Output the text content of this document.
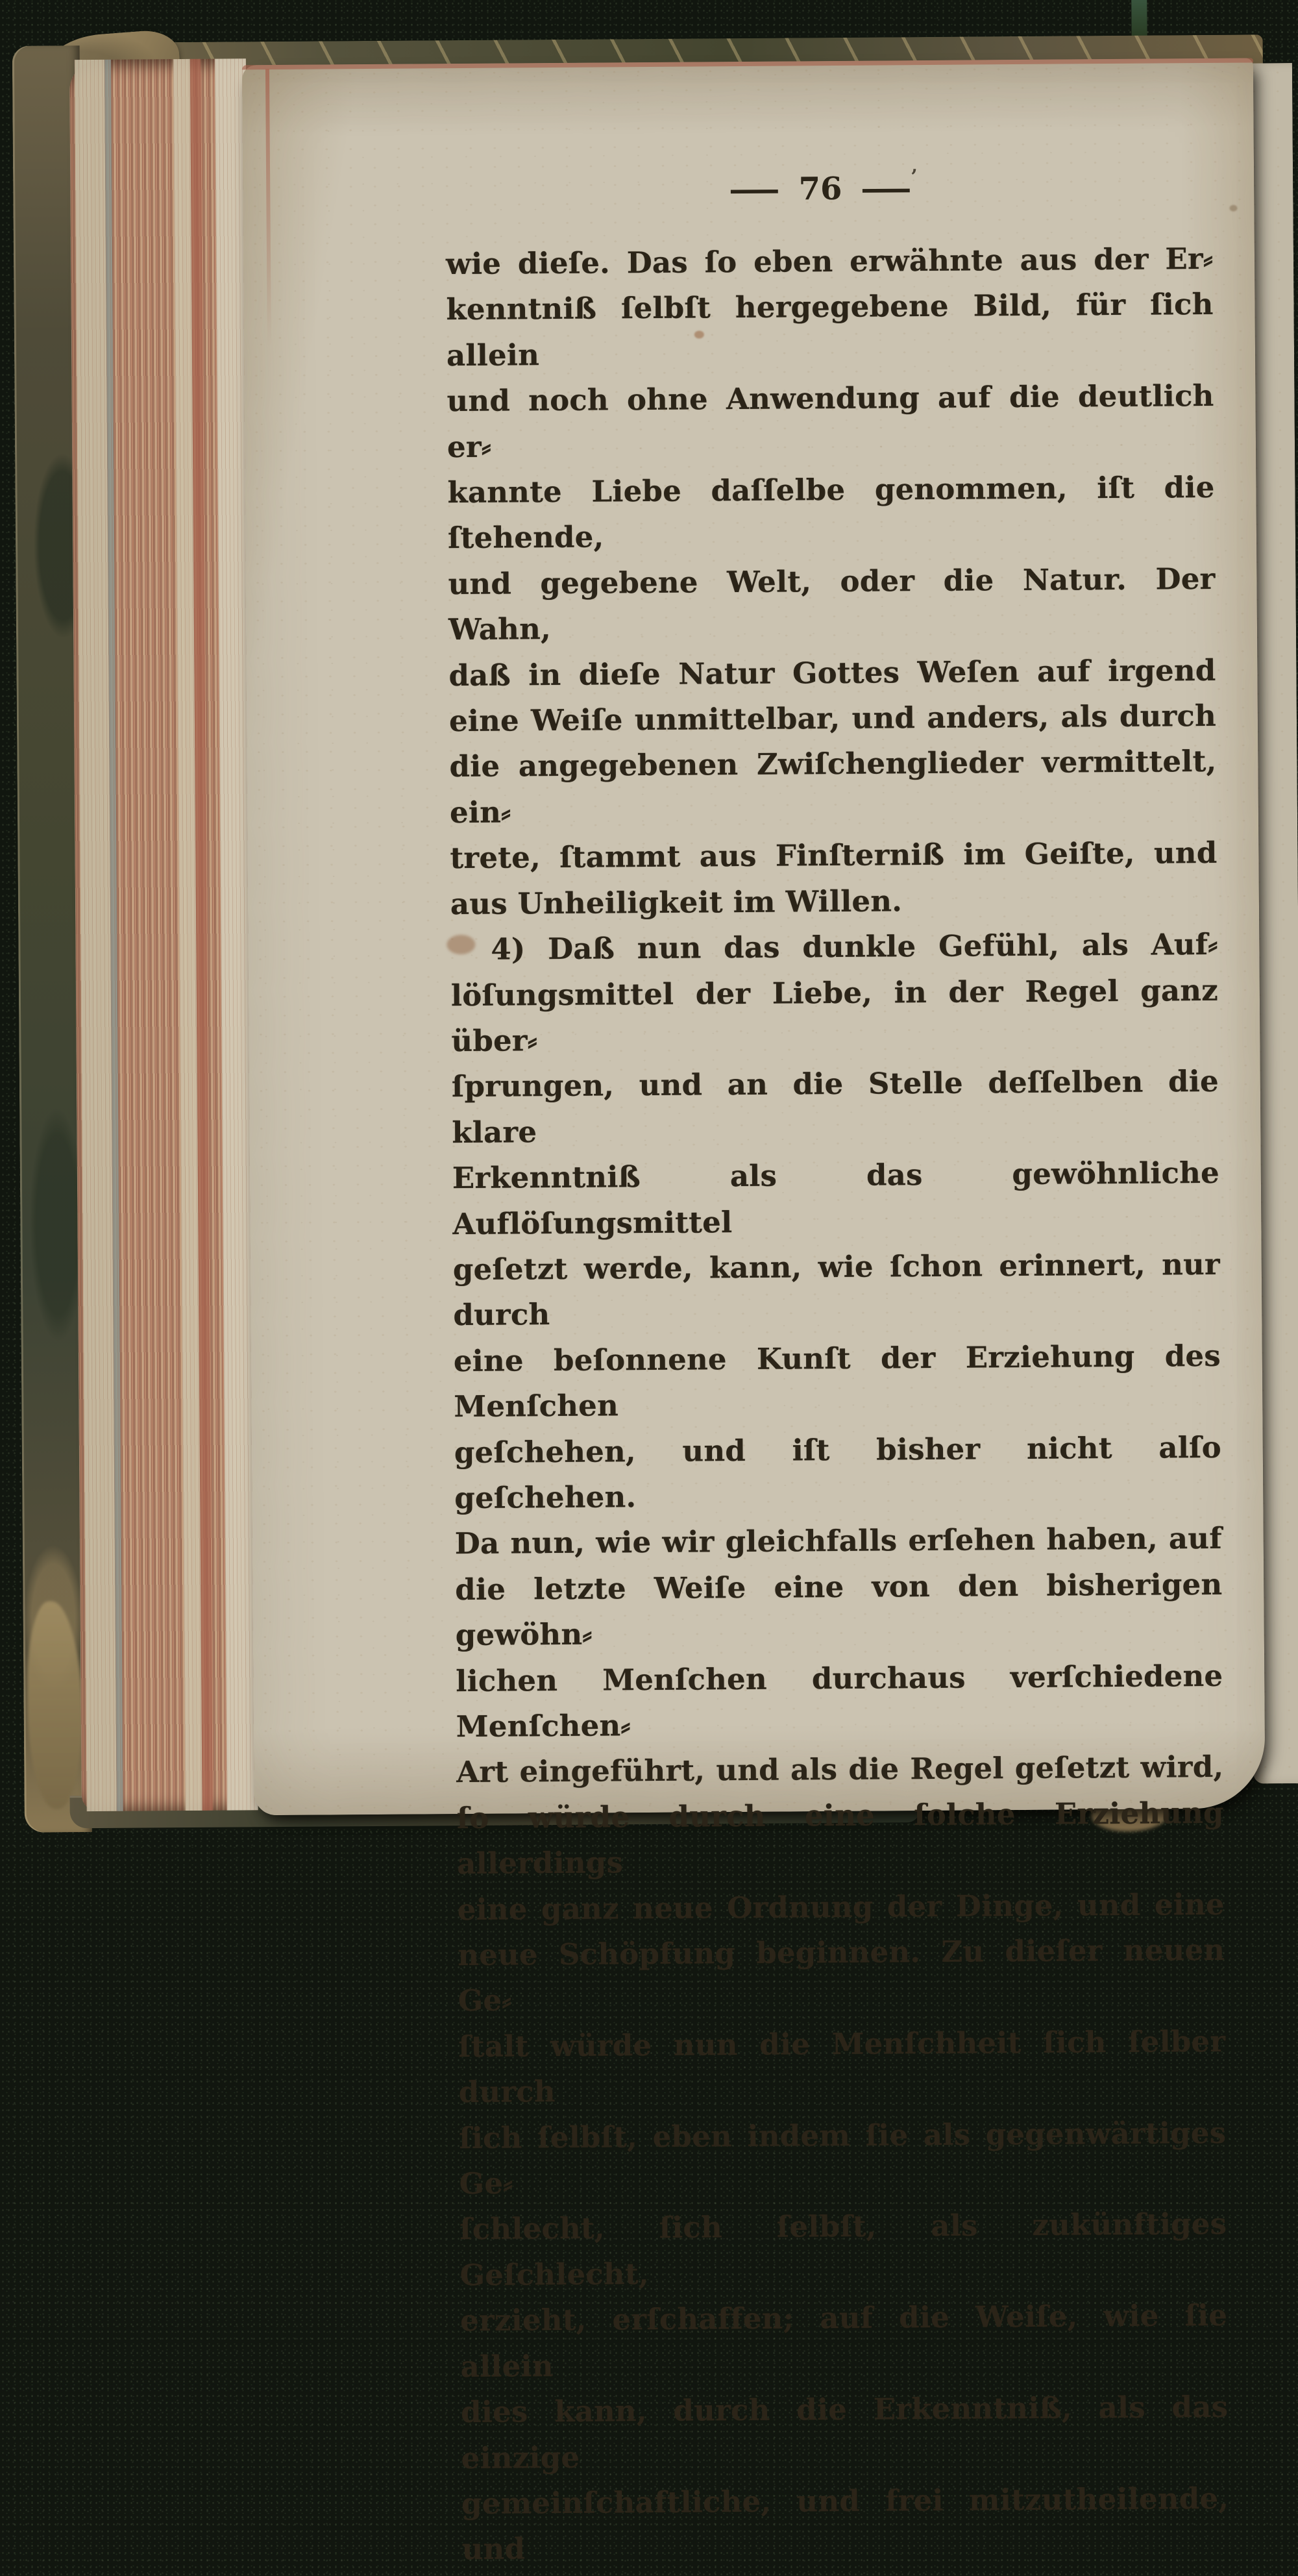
— 76 —
’
wie dieſe. Das ſo eben erwähnte aus der Er⸗
kenntniß ſelbſt hergegebene Bild, für ſich allein
und noch ohne Anwendung auf die deutlich er⸗
kannte Liebe daſſelbe genommen, iſt die ſtehende,
und gegebene Welt, oder die Natur. Der Wahn,
daß in dieſe Natur Gottes Weſen auf irgend
eine Weiſe unmittelbar, und anders, als durch
die angegebenen Zwiſchenglieder vermittelt, ein⸗
trete, ſtammt aus Finſterniß im Geiſte, und
aus Unheiligkeit im Willen.
4) Daß nun das dunkle Gefühl, als Auf⸗
löſungsmittel der Liebe, in der Regel ganz über⸗
ſprungen, und an die Stelle deſſelben die klare
Erkenntniß als das gewöhnliche Auflöſungsmittel
geſetzt werde, kann, wie ſchon erinnert, nur durch
eine beſonnene Kunſt der Erziehung des Menſchen
geſchehen, und iſt bisher nicht alſo geſchehen.
Da nun, wie wir gleichfalls erſehen haben, auf
die letzte Weiſe eine von den bisherigen gewöhn⸗
lichen Menſchen durchaus verſchiedene Menſchen⸗
Art eingeführt, und als die Regel geſetzt wird,
ſo würde durch eine ſolche Erziehung allerdings
eine ganz neue Ordnung der Dinge, und eine
neue Schöpfung beginnen. Zu dieſer neuen Ge⸗
ſtalt würde nun die Menſchheit ſich ſelber durch
ſich ſelbſt, eben indem ſie als gegenwärtiges Ge⸗
ſchlecht, ſich ſelbſt, als zukünftiges Geſchlecht,
erzieht, erſchaffen; auf die Weiſe, wie ſie allein
dies kann, durch die Erkenntniß, als das einzige
gemeinſchaftliche, und frei mitzutheilende, und
